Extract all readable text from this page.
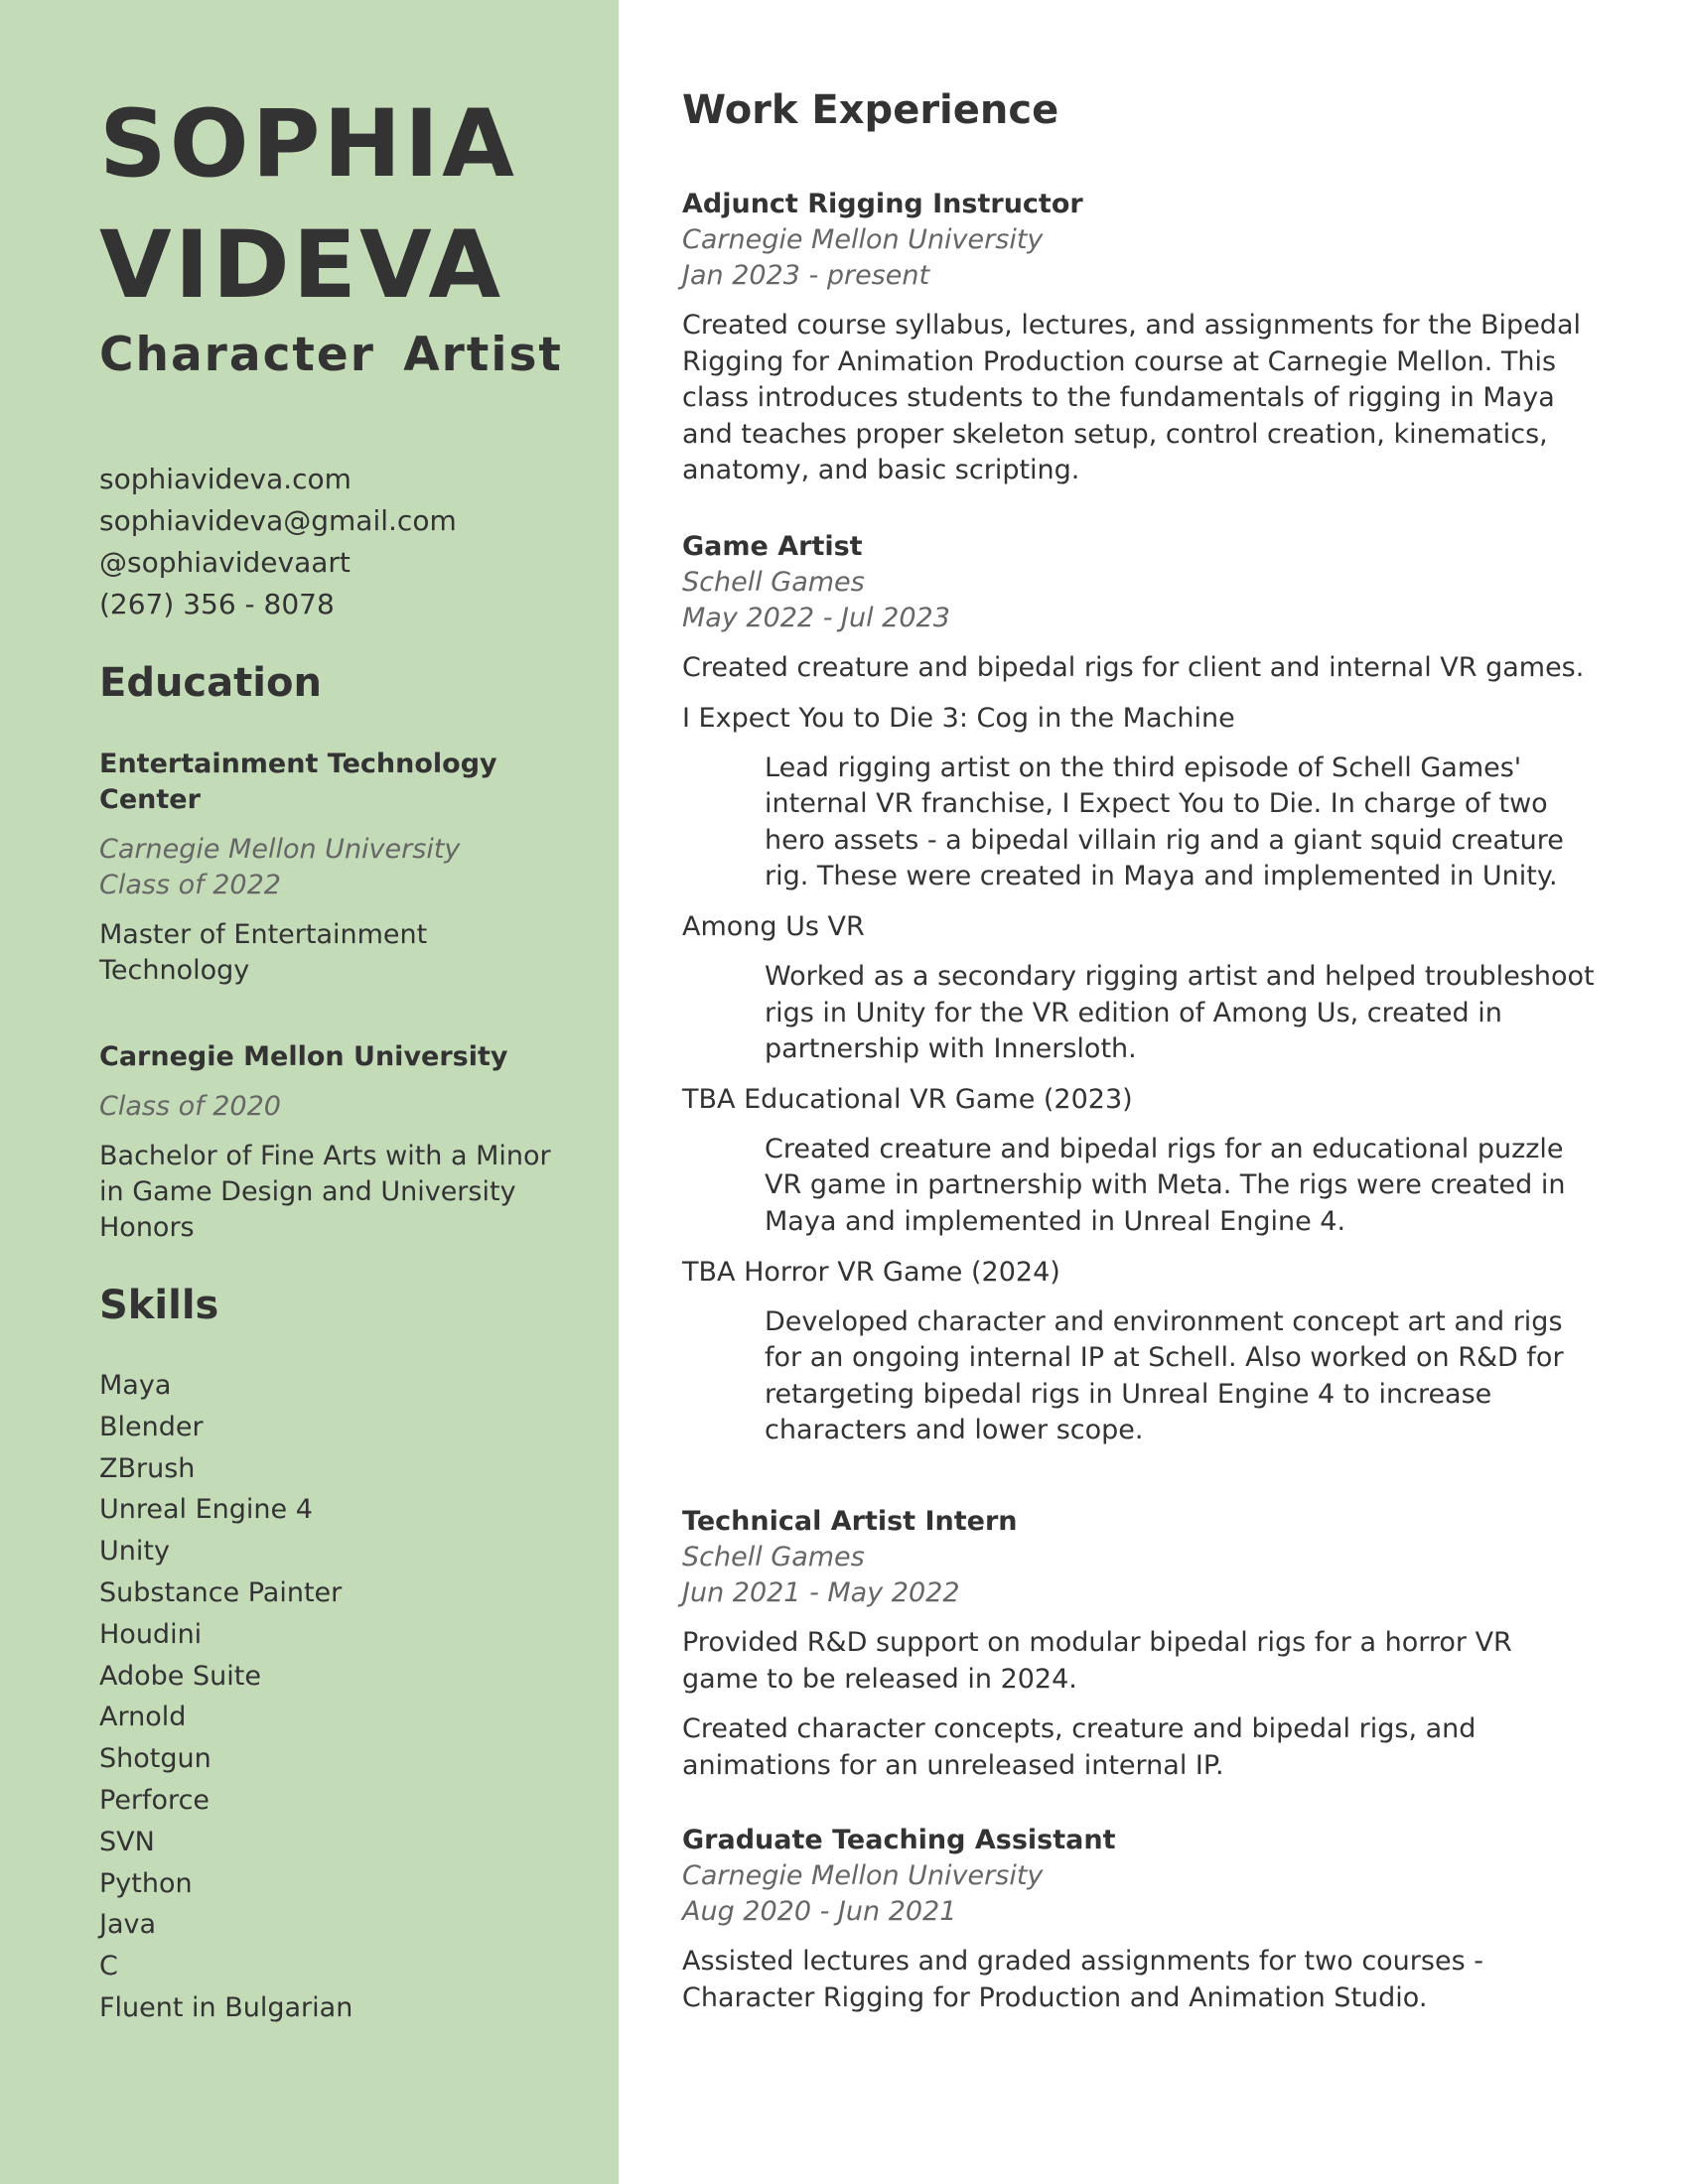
SOPHIA
VIDEVA
Character Artist
sophiavideva.com
sophiavideva@gmail.com
@sophiavidevaart
(267) 356 - 8078
Education
Entertainment Technology Center
Carnegie Mellon University
Class of 2022
Master of Entertainment Technology
Carnegie Mellon University
Class of 2020
Bachelor of Fine Arts with a Minor in Game Design and University Honors
Skills
Maya
Blender
ZBrush
Unreal Engine 4
Unity
Substance Painter
Houdini
Adobe Suite
Arnold
Shotgun
Perforce
SVN
Python
Java
C
Fluent in Bulgarian
Work Experience
Adjunct Rigging Instructor
Carnegie Mellon University
Jan 2023 - present

Created course syllabus, lectures, and assignments for the Bipedal Rigging for Animation Production course at Carnegie Mellon. This class introduces students to the fundamentals of rigging in Maya and teaches proper skeleton setup, control creation, kinematics, anatomy, and basic scripting.

Game Artist
Schell Games
May 2022 - Jul 2023

Created creature and bipedal rigs for client and internal VR games.

I Expect You to Die 3: Cog in the Machine
Lead rigging artist on the third episode of Schell Games' internal VR franchise, I Expect You to Die. In charge of two hero assets - a bipedal villain rig and a giant squid creature rig. These were created in Maya and implemented in Unity.
Among Us VR
Worked as a secondary rigging artist and helped troubleshoot rigs in Unity for the VR edition of Among Us, created in partnership with Innersloth.
TBA Educational VR Game (2023)
Created creature and bipedal rigs for an educational puzzle VR game in partnership with Meta. The rigs were created in Maya and implemented in Unreal Engine 4.
TBA Horror VR Game (2024)
Developed character and environment concept art and rigs for an ongoing internal IP at Schell. Also worked on R&D for retargeting bipedal rigs in Unreal Engine 4 to increase characters and lower scope.
Technical Artist Intern
Schell Games
Jun 2021 - May 2022

Provided R&D support on modular bipedal rigs for a horror VR game to be released in 2024.

Created character concepts, creature and bipedal rigs, and animations for an unreleased internal IP.

Graduate Teaching Assistant
Carnegie Mellon University
Aug 2020 - Jun 2021

Assisted lectures and graded assignments for two courses - Character Rigging for Production and Animation Studio.
